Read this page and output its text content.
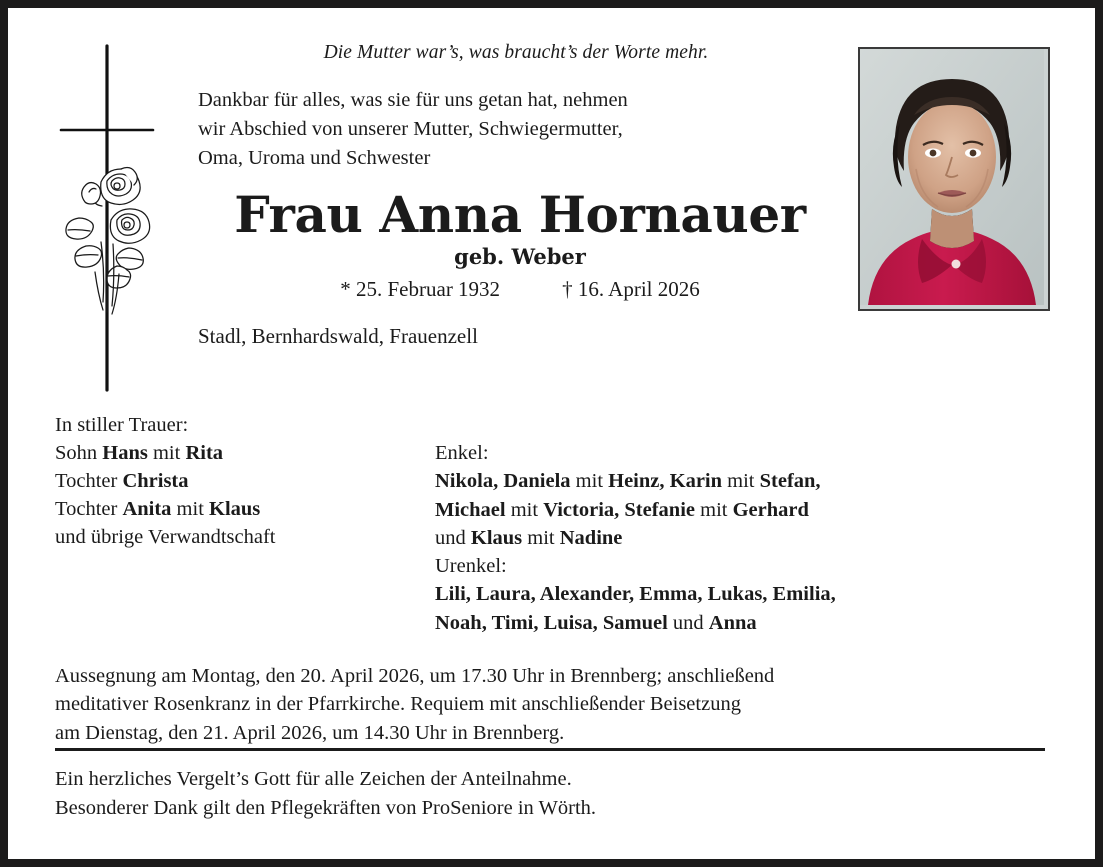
Die Mutter war’s, was braucht’s der Worte mehr.
Dankbar für alles, was sie für uns getan hat, nehmen
wir Abschied von unserer Mutter, Schwiegermutter,
Oma, Uroma und Schwester
Frau Anna Hornauer
geb. Weber
* 25. Februar 1932	† 16. April 2026
Stadl, Bernhardswald, Frauenzell
In stiller Trauer:
Sohn Hans mit Rita
Tochter Christa
Tochter Anita mit Klaus
und übrige Verwandtschaft
Enkel:
Nikola, Daniela mit Heinz, Karin mit Stefan,
Michael mit Victoria, Stefanie mit Gerhard
und Klaus mit Nadine
Urenkel:
Lili, Laura, Alexander, Emma, Lukas, Emilia,
Noah, Timi, Luisa, Samuel und Anna
Aussegnung am Montag, den 20. April 2026, um 17.30 Uhr in Brennberg; anschließend
meditativer Rosenkranz in der Pfarrkirche. Requiem mit anschließender Beisetzung
am Dienstag, den 21. April 2026, um 14.30 Uhr in Brennberg.
Ein herzliches Vergelt’s Gott für alle Zeichen der Anteilnahme.
Besonderer Dank gilt den Pflegekräften von ProSeniore in Wörth.
